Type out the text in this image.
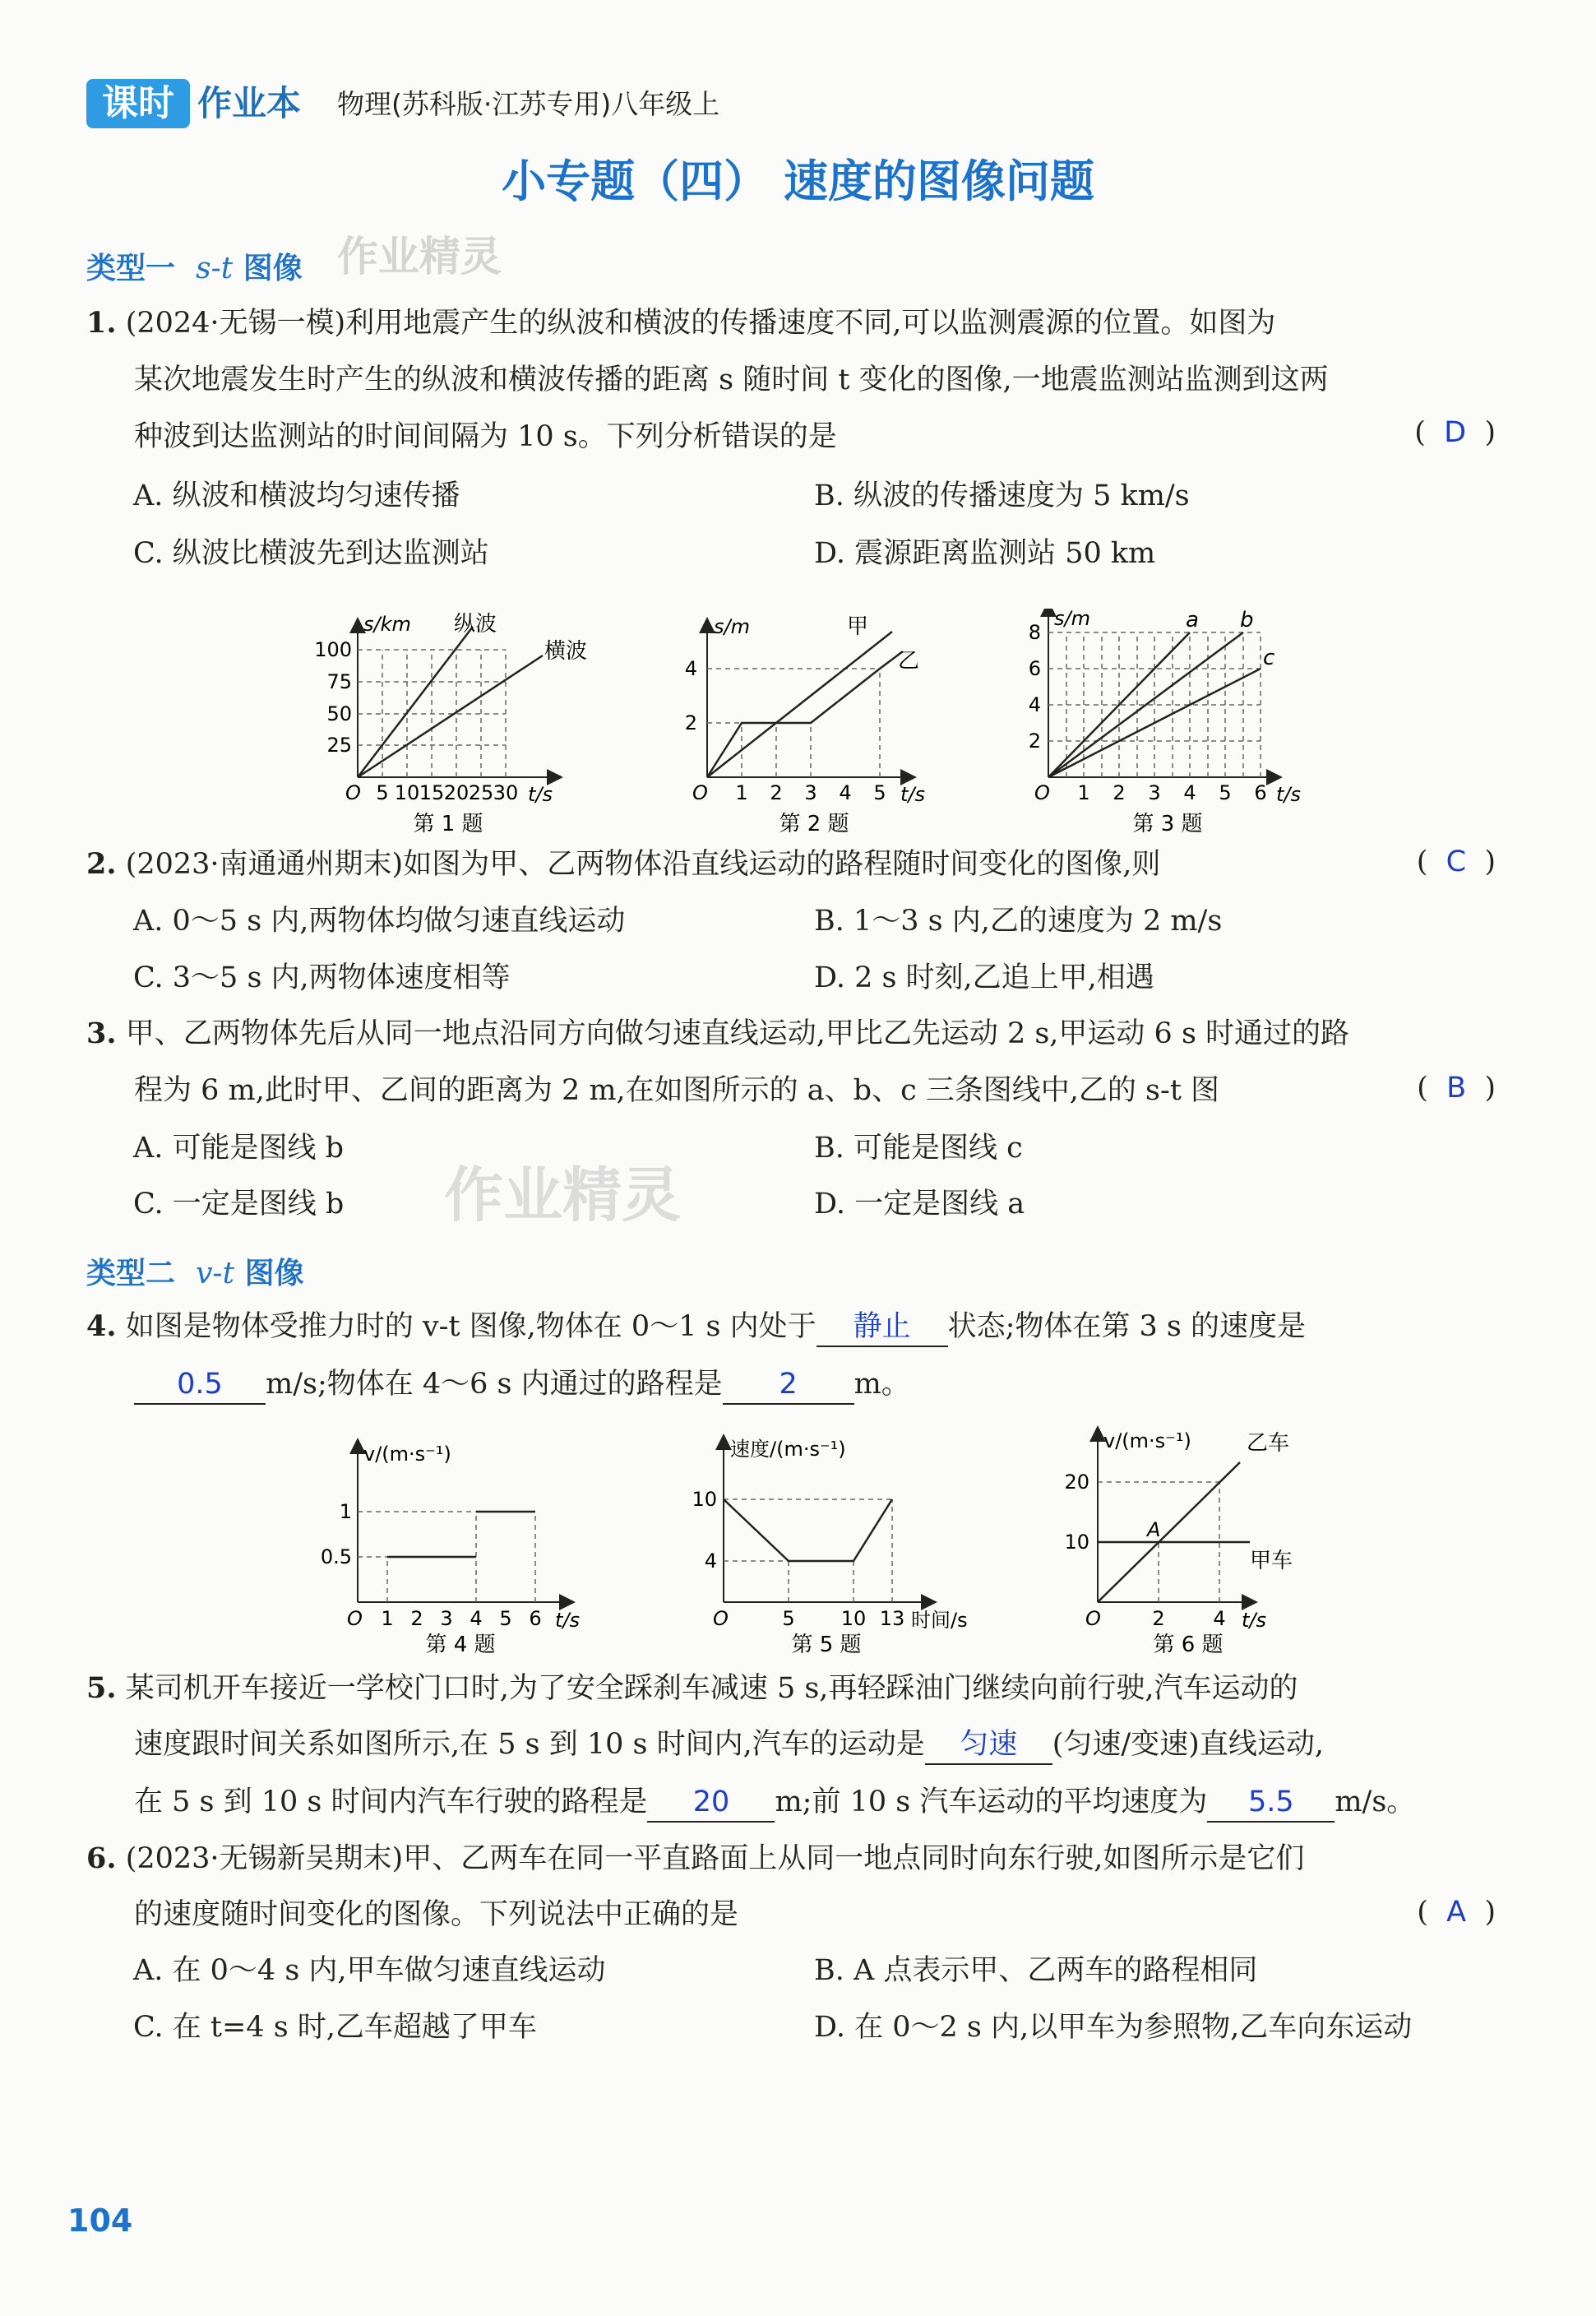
课时 作业本 物理(苏科版·江苏专用)八年级上
小专题（四） 速度的图像问题
类型一 s-t 图像 作业精灵
1. (2024·无锡一模)利用地震产生的纵波和横波的传播速度不同,可以监测震源的位置。如图为
某次地震发生时产生的纵波和横波传播的距离 s 随时间 t 变化的图像,一地震监测站监测到这两
种波到达监测站的时间间隔为 10 s。下列分析错误的是	(  D  )
A. 纵波和横波均匀速传播	B. 纵波的传播速度为 5 km/s
C. 纵波比横波先到达监测站	D. 震源距离监测站 50 km
s/km 纵波
横波
100
75
50
25
O 5 10 15 20 25 30 t/s
第 1 题
s/m	甲
乙
4
2
O 1 2 3 4 5 t/s
第 2 题
s/m	a b
c
8
6
4
2
O 1 2 3 4 5 6 t/s
第 3 题
2. (2023·南通通州期末)如图为甲、乙两物体沿直线运动的路程随时间变化的图像,则	(  C  )
A. 0～5 s 内,两物体均做匀速直线运动	B. 1～3 s 内,乙的速度为 2 m/s
C. 3～5 s 内,两物体速度相等	D. 2 s 时刻,乙追上甲,相遇
3. 甲、乙两物体先后从同一地点沿同方向做匀速直线运动,甲比乙先运动 2 s,甲运动 6 s 时通过的路
程为 6 m,此时甲、乙间的距离为 2 m,在如图所示的 a、b、c 三条图线中,乙的 s-t 图	(  B  )
A. 可能是图线 b	B. 可能是图线 c
C. 一定是图线 b	D. 一定是图线 a
作业精灵
类型二 v-t 图像
4. 如图是物体受推力时的 v-t 图像,物体在 0～1 s 内处于 静止 状态;物体在第 3 s 的速度是
0.5 m/s;物体在 4～6 s 内通过的路程是 2 m。
v/(m·s⁻¹)
1
0.5
O 1 2 3 4 5 6 t/s
第 4 题
速度/(m·s⁻¹)
10
4
O	5 10 13 时间/s
第 5 题
v/(m·s⁻¹)	乙车
甲车
A
20
10
O	2 4 t/s
第 6 题
5. 某司机开车接近一学校门口时,为了安全踩刹车减速 5 s,再轻踩油门继续向前行驶,汽车运动的
速度跟时间关系如图所示,在 5 s 到 10 s 时间内,汽车的运动是 匀速 (匀速/变速)直线运动,
在 5 s 到 10 s 时间内汽车行驶的路程是 20 m;前 10 s 汽车运动的平均速度为 5.5 m/s。
6. (2023·无锡新吴期末)甲、乙两车在同一平直路面上从同一地点同时向东行驶,如图所示是它们
的速度随时间变化的图像。下列说法中正确的是	(  A  )
A. 在 0～4 s 内,甲车做匀速直线运动	B. A 点表示甲、乙两车的路程相同
C. 在 t=4 s 时,乙车超越了甲车	D. 在 0～2 s 内,以甲车为参照物,乙车向东运动
104
